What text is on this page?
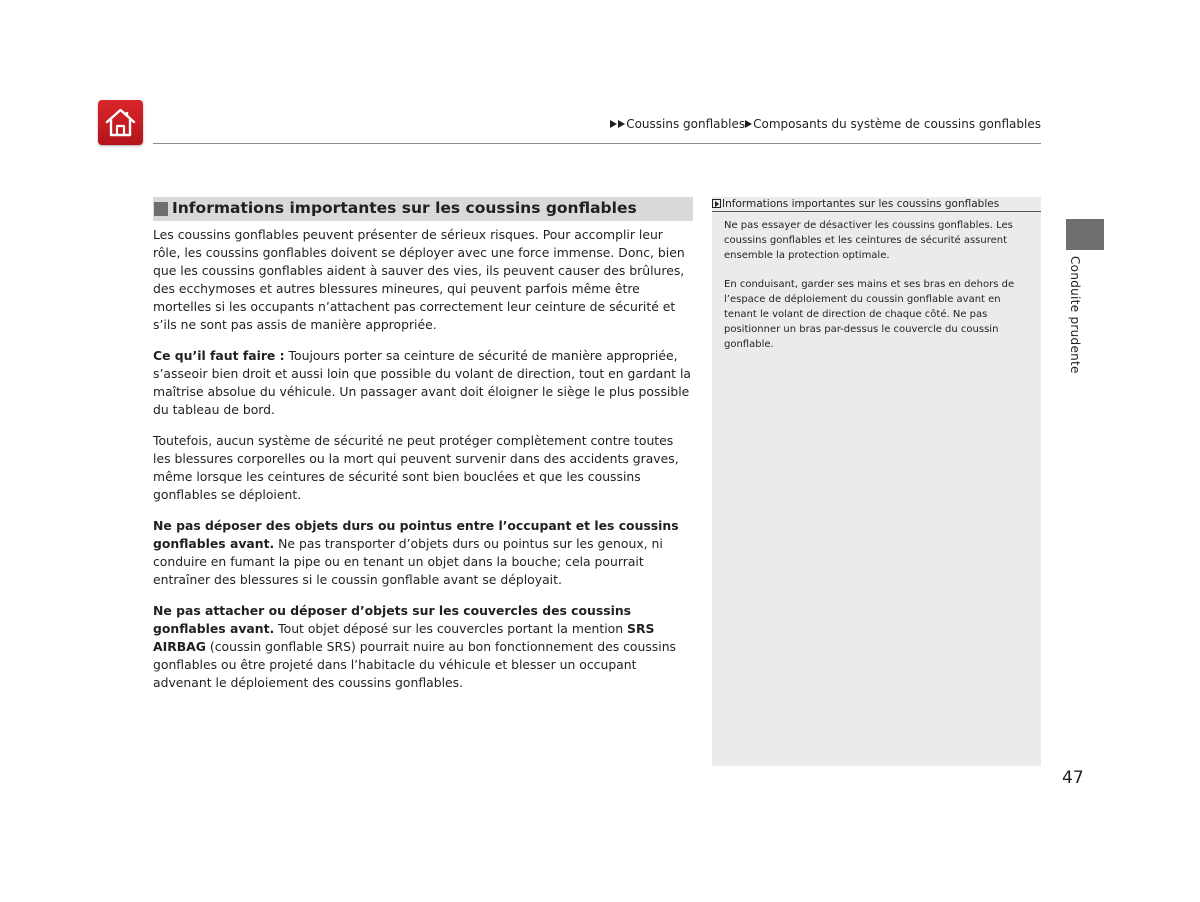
Coussins gonflables Composants du système de coussins gonflables
Informations importantes sur les coussins gonflables

Les coussins gonflables peuvent présenter de sérieux risques. Pour accomplir leur rôle, les coussins gonflables doivent se déployer avec une force immense. Donc, bien que les coussins gonflables aident à sauver des vies, ils peuvent causer des brûlures, des ecchymoses et autres blessures mineures, qui peuvent parfois même être mortelles si les occupants n’attachent pas correctement leur ceinture de sécurité et s’ils ne sont pas assis de manière appropriée.

Ce qu’il faut faire : Toujours porter sa ceinture de sécurité de manière appropriée, s’asseoir bien droit et aussi loin que possible du volant de direction, tout en gardant la maîtrise absolue du véhicule. Un passager avant doit éloigner le siège le plus possible du tableau de bord.

Toutefois, aucun système de sécurité ne peut protéger complètement contre toutes les blessures corporelles ou la mort qui peuvent survenir dans des accidents graves, même lorsque les ceintures de sécurité sont bien bouclées et que les coussins gonflables se déploient.

Ne pas déposer des objets durs ou pointus entre l’occupant et les coussins gonflables avant. Ne pas transporter d’objets durs ou pointus sur les genoux, ni conduire en fumant la pipe ou en tenant un objet dans la bouche; cela pourrait entraîner des blessures si le coussin gonflable avant se déployait.

Ne pas attacher ou déposer d’objets sur les couvercles des coussins gonflables avant. Tout objet déposé sur les couvercles portant la mention SRS AIRBAG (coussin gonflable SRS) pourrait nuire au bon fonctionnement des coussins gonflables ou être projeté dans l’habitacle du véhicule et blesser un occupant advenant le déploiement des coussins gonflables.

Informations importantes sur les coussins gonflables

Ne pas essayer de désactiver les coussins gonflables. Les coussins gonflables et les ceintures de sécurité assurent ensemble la protection optimale.

En conduisant, garder ses mains et ses bras en dehors de l’espace de déploiement du coussin gonflable avant en tenant le volant de direction de chaque côté. Ne pas positionner un bras par-dessus le couvercle du coussin gonflable.	Conduite prudente
47
